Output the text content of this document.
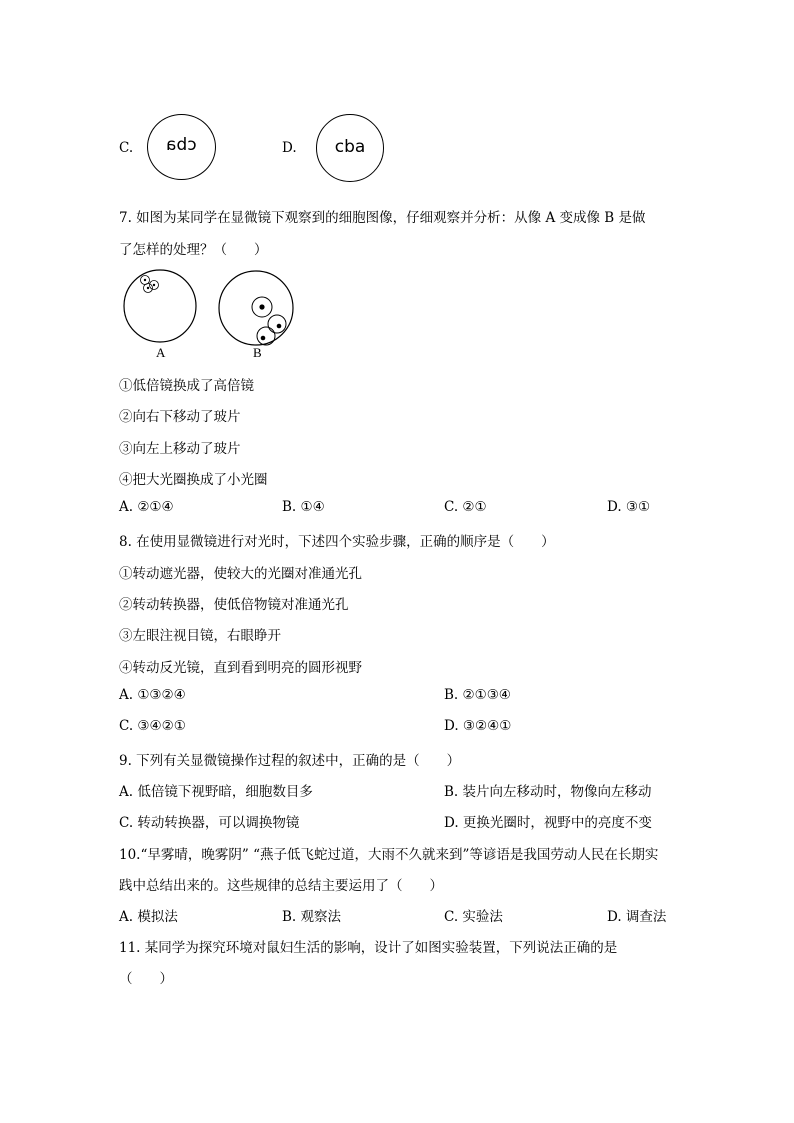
C.	cba	D.	cba
7. 如图为某同学在显微镜下观察到的细胞图像，仔细观察并分析：从像 A 变成像 B 是做
了怎样的处理？（　　）
A	B
①低倍镜换成了高倍镜
②向右下移动了玻片
③向左上移动了玻片
④把大光圈换成了小光圈
A. ②①④	B. ①④	C. ②①	D. ③①
8. 在使用显微镜进行对光时，下述四个实验步骤，正确的顺序是（　　）
①转动遮光器，使较大的光圈对准通光孔
②转动转换器，使低倍物镜对准通光孔
③左眼注视目镜，右眼睁开
④转动反光镜，直到看到明亮的圆形视野
A. ①③②④	B. ②①③④
C. ③④②①	D. ③②④①
9. 下列有关显微镜操作过程的叙述中，正确的是（　　）
A. 低倍镜下视野暗，细胞数目多	B. 装片向左移动时，物像向左移动
C. 转动转换器，可以调换物镜	D. 更换光圈时，视野中的亮度不变
10.“早雾晴，晚雾阴” “燕子低飞蛇过道，大雨不久就来到”等谚语是我国劳动人民在长期实
践中总结出来的。这些规律的总结主要运用了（　　）
A. 模拟法	B. 观察法	C. 实验法	D. 调查法
11. 某同学为探究环境对鼠妇生活的影响，设计了如图实验装置，下列说法正确的是
（　　）
